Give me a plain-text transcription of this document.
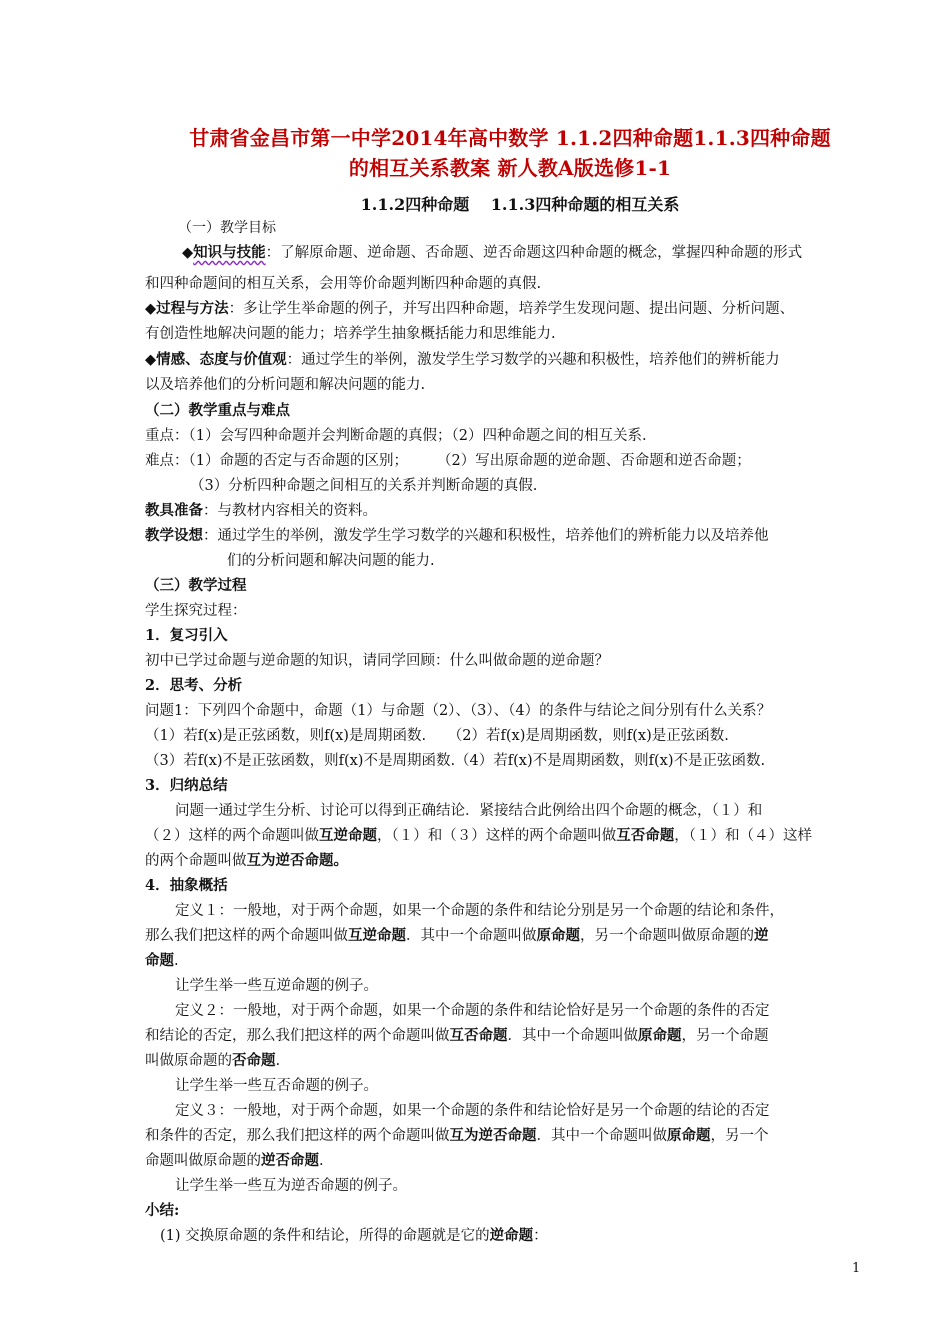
甘肃省金昌市第一中学2014年高中数学 1.1.2四种命题1.1.3四种命题
的相互关系教案 新人教A版选修1-1
1.1.2四种命题　 1.1.3四种命题的相互关系
（一）教学目标
◆知识与技能：了解原命题、逆命题、否命题、逆否命题这四种命题的概念，掌握四种命题的形式
和四种命题间的相互关系，会用等价命题判断四种命题的真假.
◆过程与方法：多让学生举命题的例子，并写出四种命题，培养学生发现问题、提出问题、分析问题、
有创造性地解决问题的能力；培养学生抽象概括能力和思维能力.
◆情感、态度与价值观：通过学生的举例，激发学生学习数学的兴趣和积极性，培养他们的辨析能力
以及培养他们的分析问题和解决问题的能力.
（二）教学重点与难点
重点：（1）会写四种命题并会判断命题的真假；（2）四种命题之间的相互关系.
难点：（1）命题的否定与否命题的区别；　　　（2）写出原命题的逆命题、否命题和逆否命题；
（3）分析四种命题之间相互的关系并判断命题的真假.
教具准备：与教材内容相关的资料。
教学设想：通过学生的举例，激发学生学习数学的兴趣和积极性，培养他们的辨析能力以及培养他
们的分析问题和解决问题的能力.
（三）教学过程
学生探究过程：
1．复习引入
初中已学过命题与逆命题的知识，请同学回顾：什么叫做命题的逆命题？
2．思考、分析
问题1：下列四个命题中，命题（1）与命题（2）、（3）、（4）的条件与结论之间分别有什么关系？
（1）若f(x)是正弦函数，则f(x)是周期函数.　　（2）若f(x)是周期函数，则f(x)是正弦函数.
（3）若f(x)不是正弦函数，则f(x)不是周期函数.（4）若f(x)不是周期函数，则f(x)不是正弦函数.
3．归纳总结
问题一通过学生分析、讨论可以得到正确结论．紧接结合此例给出四个命题的概念，（１）和
（２）这样的两个命题叫做互逆命题，（１）和（３）这样的两个命题叫做互否命题，（１）和（４）这样
的两个命题叫做互为逆否命题。
4．抽象概括
定义１：一般地，对于两个命题，如果一个命题的条件和结论分别是另一个命题的结论和条件，
那么我们把这样的两个命题叫做互逆命题．其中一个命题叫做原命题，另一个命题叫做原命题的逆
命题.
让学生举一些互逆命题的例子。
定义２：一般地，对于两个命题，如果一个命题的条件和结论恰好是另一个命题的条件的否定
和结论的否定，那么我们把这样的两个命题叫做互否命题．其中一个命题叫做原命题，另一个命题
叫做原命题的否命题.
让学生举一些互否命题的例子。
定义３：一般地，对于两个命题，如果一个命题的条件和结论恰好是另一个命题的结论的否定
和条件的否定，那么我们把这样的两个命题叫做互为逆否命题．其中一个命题叫做原命题，另一个
命题叫做原命题的逆否命题.
让学生举一些互为逆否命题的例子。
小结:
(1) 交换原命题的条件和结论，所得的命题就是它的逆命题：
1
